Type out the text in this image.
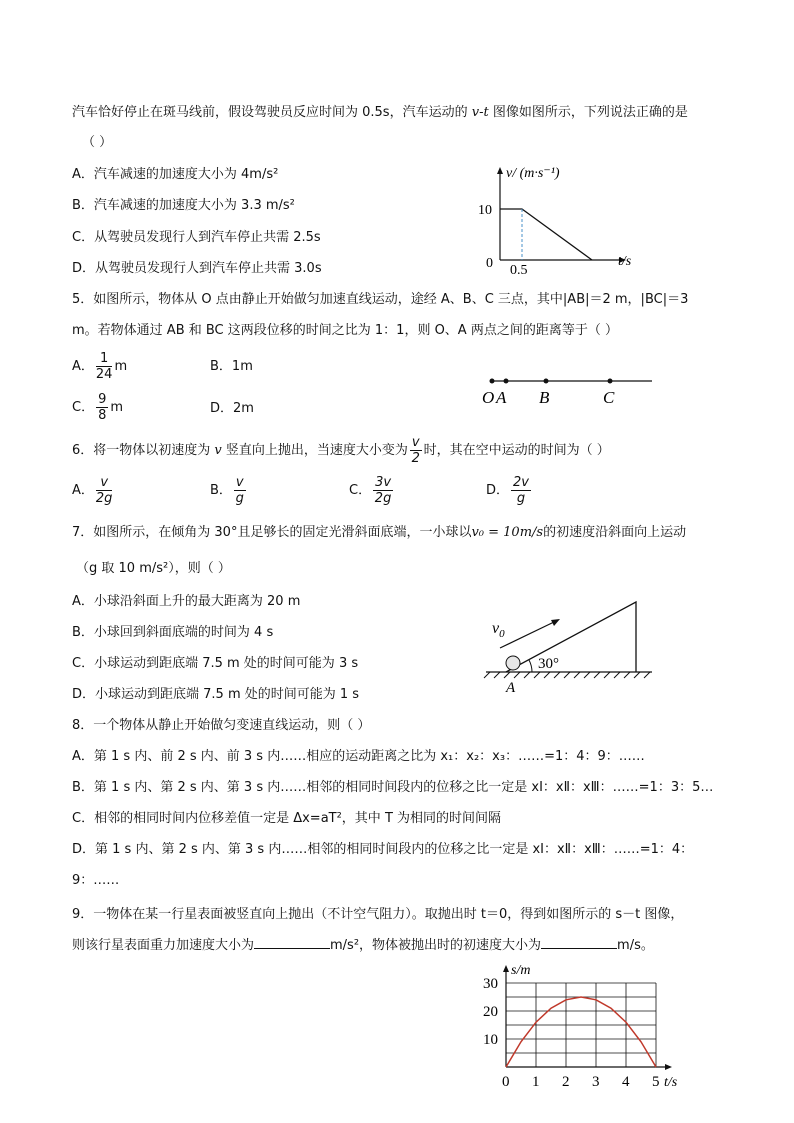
汽车恰好停止在斑马线前，假设驾驶员反应时间为 0.5s，汽车运动的 v-t 图像如图所示，下列说法正确的是
（ ）
A．汽车减速的加速度大小为 4m/s²
B．汽车减速的加速度大小为 3.3 m/s²
C．从驾驶员发现行人到汽车停止共需 2.5s
D．从驾驶员发现行人到汽车停止共需 3.0s
v/ (m·s⁻¹)
10
0 0.5
t/s
5．如图所示，物体从 O 点由静止开始做匀加速直线运动，途经 A、B、C 三点，其中|AB|＝2 m，|BC|＝3
m。若物体通过 AB 和 BC 这两段位移的时间之比为 1：1，则 O、A 两点之间的距离等于（ ）
A． $\frac{1}{24}$ m	B．1m
C． $\frac{9}{8}$ m	D．2m
O A B	C
6．将一物体以初速度为 v 竖直向上抛出，当速度大小变为 $\frac{v}{2}$ 时，其在空中运动的时间为（ ）
A． $\frac{v}{2g}$	B． $\frac{v}{g}$	C． $\frac{3v}{2g}$	D． $\frac{2v}{g}$
7．如图所示，在倾角为 30°且足够长的固定光滑斜面底端，一小球以v₀ = 10m/s的初速度沿斜面向上运动
（g 取 10 m/s²），则（ ）
A．小球沿斜面上升的最大距离为 20 m
B．小球回到斜面底端的时间为 4 s
C．小球运动到距底端 7.5 m 处的时间可能为 3 s
D．小球运动到距底端 7.5 m 处的时间可能为 1 s
$v_0$
30°
A
8．一个物体从静止开始做匀变速直线运动，则（ ）
A．第 1 s 内、前 2 s 内、前 3 s 内……相应的运动距离之比为 x₁：x₂：x₃：……=1：4：9：……
B．第 1 s 内、第 2 s 内、第 3 s 内……相邻的相同时间段内的位移之比一定是 xⅠ：xⅡ：xⅢ：……=1：3：5…
C．相邻的相同时间内位移差值一定是 Δx=aT²，其中 T 为相同的时间间隔
D．第 1 s 内、第 2 s 内、第 3 s 内……相邻的相同时间段内的位移之比一定是 xⅠ：xⅡ：xⅢ：……=1：4：
9：……
9．一物体在某一行星表面被竖直向上抛出（不计空气阻力）。取抛出时 t＝0，得到如图所示的 s－t 图像，
则该行星表面重力加速度大小为	m/s²，物体被抛出时的初速度大小为	m/s。
10
20
30
0 1 2 3 4 5
s/m
t/s
